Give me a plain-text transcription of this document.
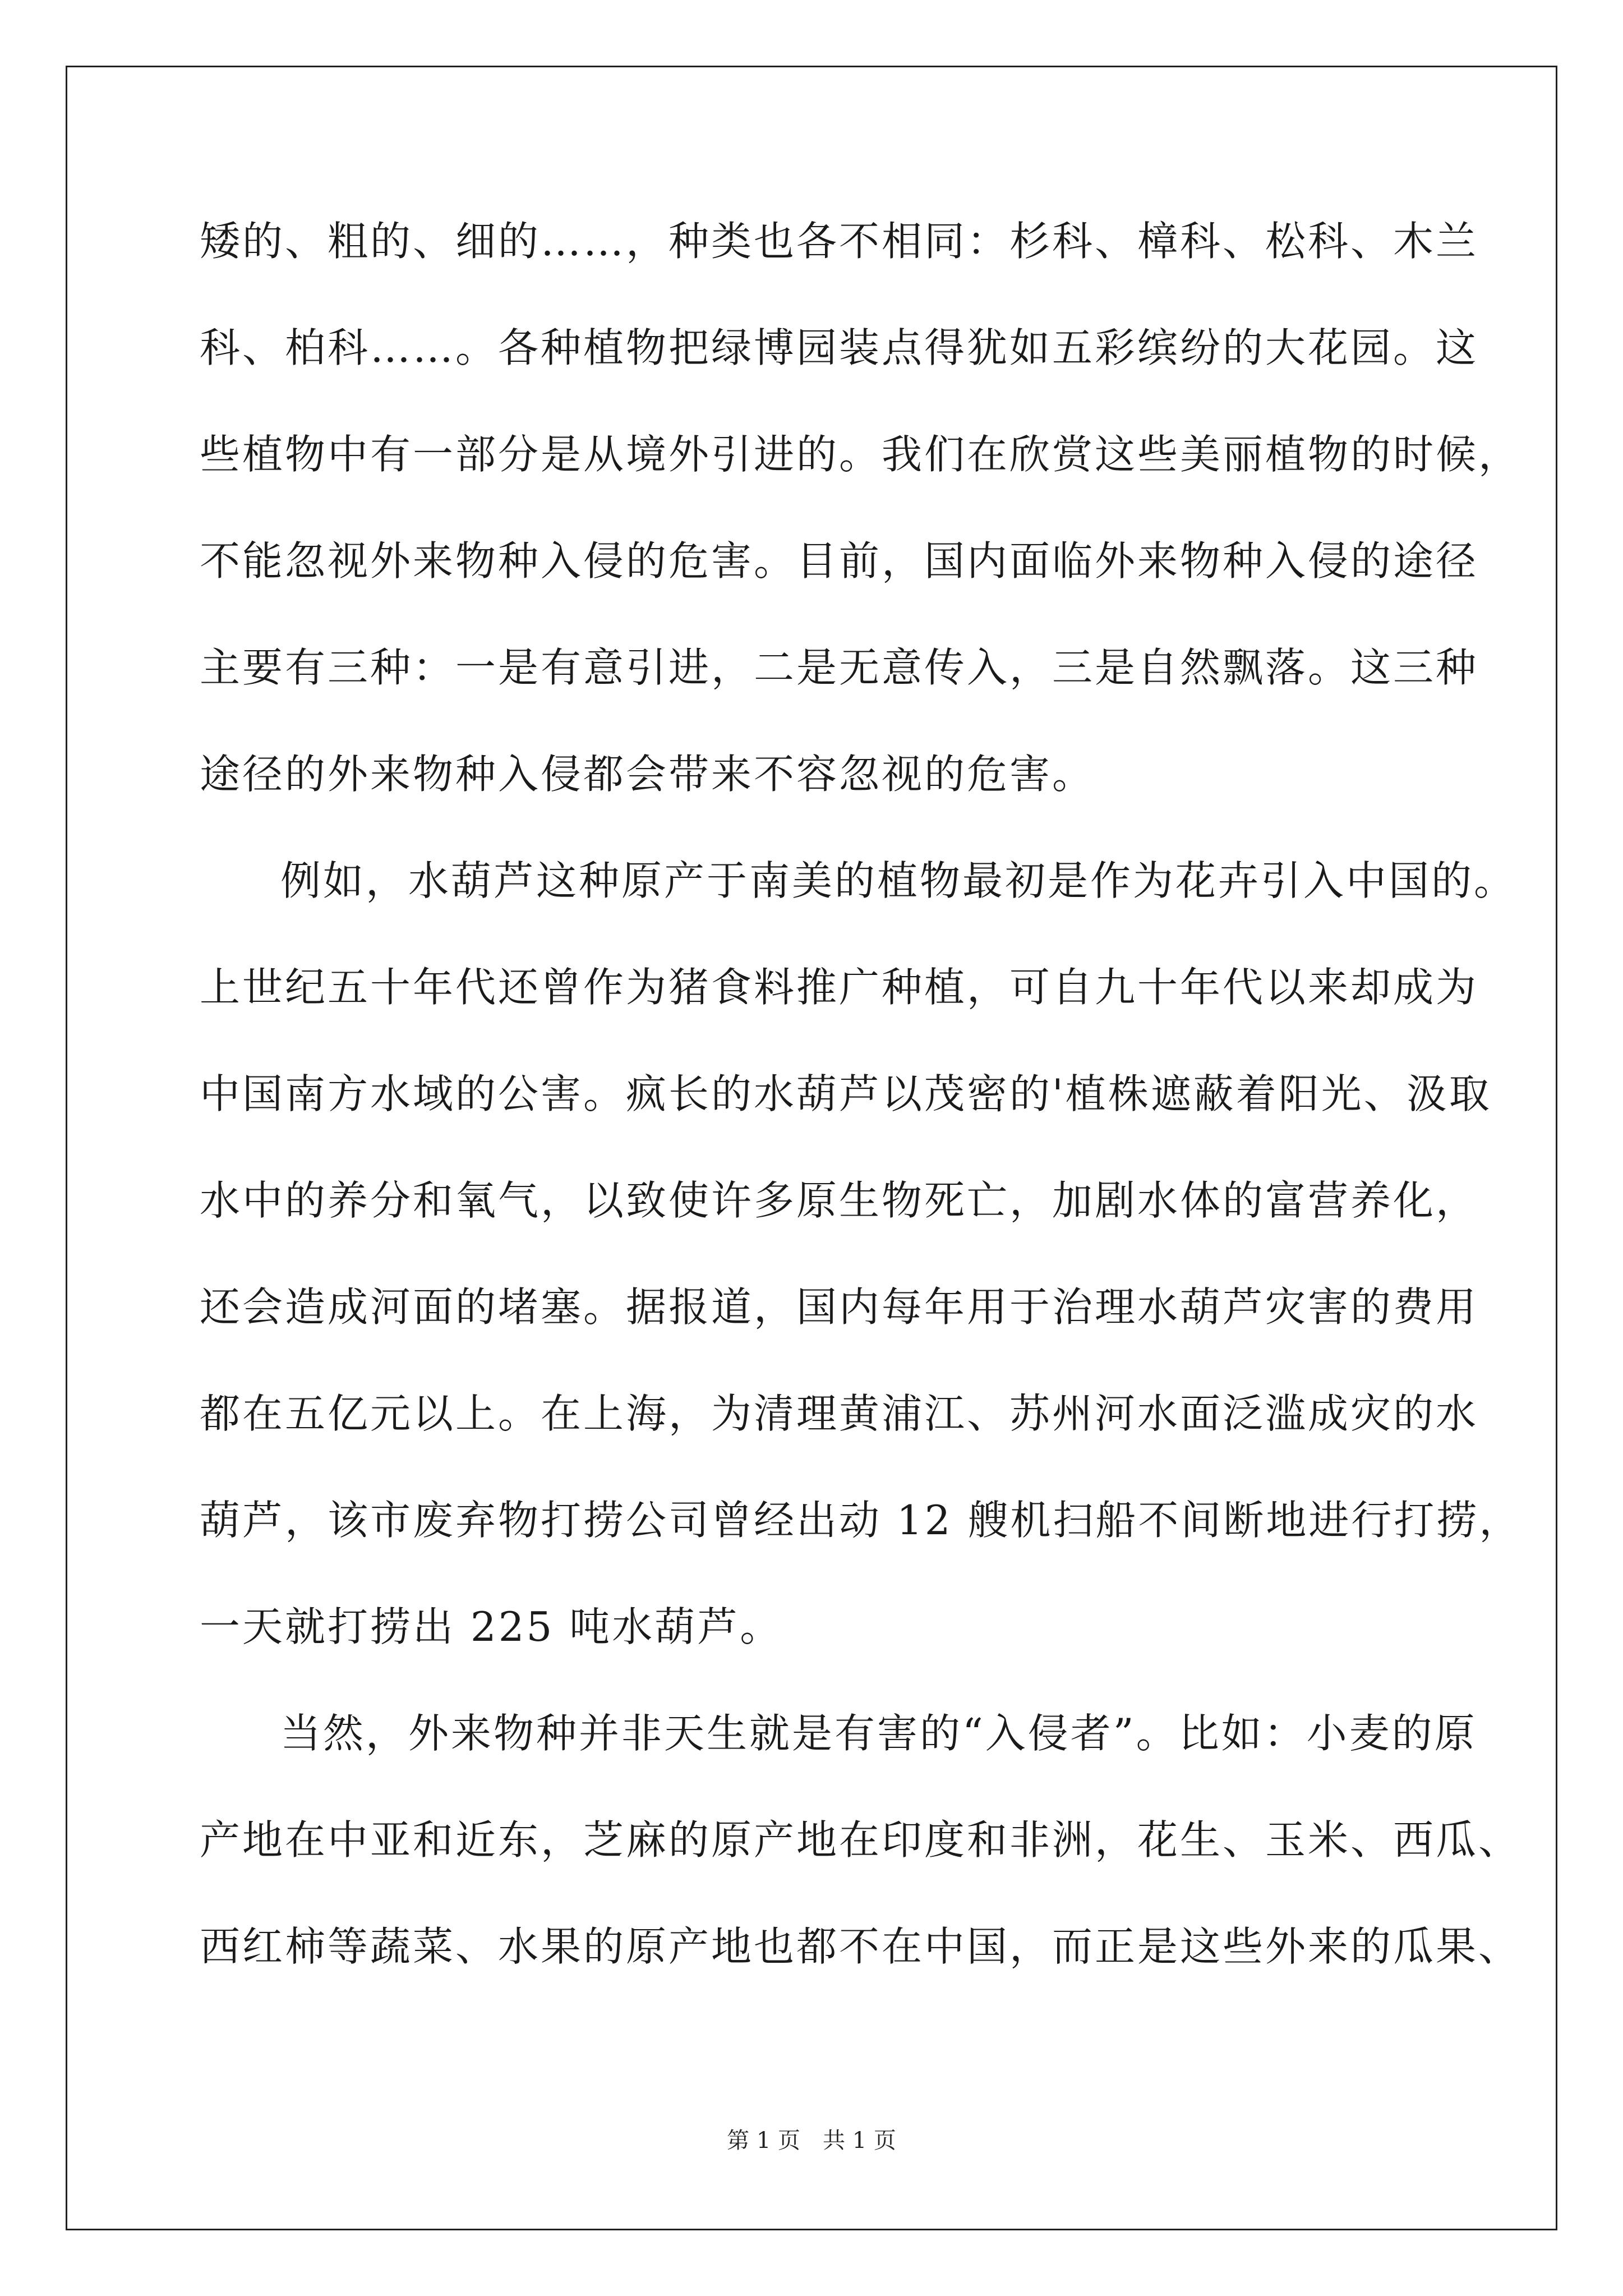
矮的、粗的、细的……，种类也各不相同：杉科、樟科、松科、木兰
科、柏科……。各种植物把绿博园装点得犹如五彩缤纷的大花园。这
些植物中有一部分是从境外引进的。我们在欣赏这些美丽植物的时候，
不能忽视外来物种入侵的危害。目前，国内面临外来物种入侵的途径
主要有三种：一是有意引进，二是无意传入，三是自然飘落。这三种
途径的外来物种入侵都会带来不容忽视的危害。
例如，水葫芦这种原产于南美的植物最初是作为花卉引入中国的。
上世纪五十年代还曾作为猪食料推广种植，可自九十年代以来却成为
中国南方水域的公害。疯长的水葫芦以茂密的'植株遮蔽着阳光、汲取
水中的养分和氧气，以致使许多原生物死亡，加剧水体的富营养化，
还会造成河面的堵塞。据报道，国内每年用于治理水葫芦灾害的费用
都在五亿元以上。在上海，为清理黄浦江、苏州河水面泛滥成灾的水
葫芦，该市废弃物打捞公司曾经出动 12 艘机扫船不间断地进行打捞，
一天就打捞出 225 吨水葫芦。
当然，外来物种并非天生就是有害的“入侵者”。比如：小麦的原
产地在中亚和近东，芝麻的原产地在印度和非洲，花生、玉米、西瓜、
西红柿等蔬菜、水果的原产地也都不在中国，而正是这些外来的瓜果、
第 1 页　共 1 页
